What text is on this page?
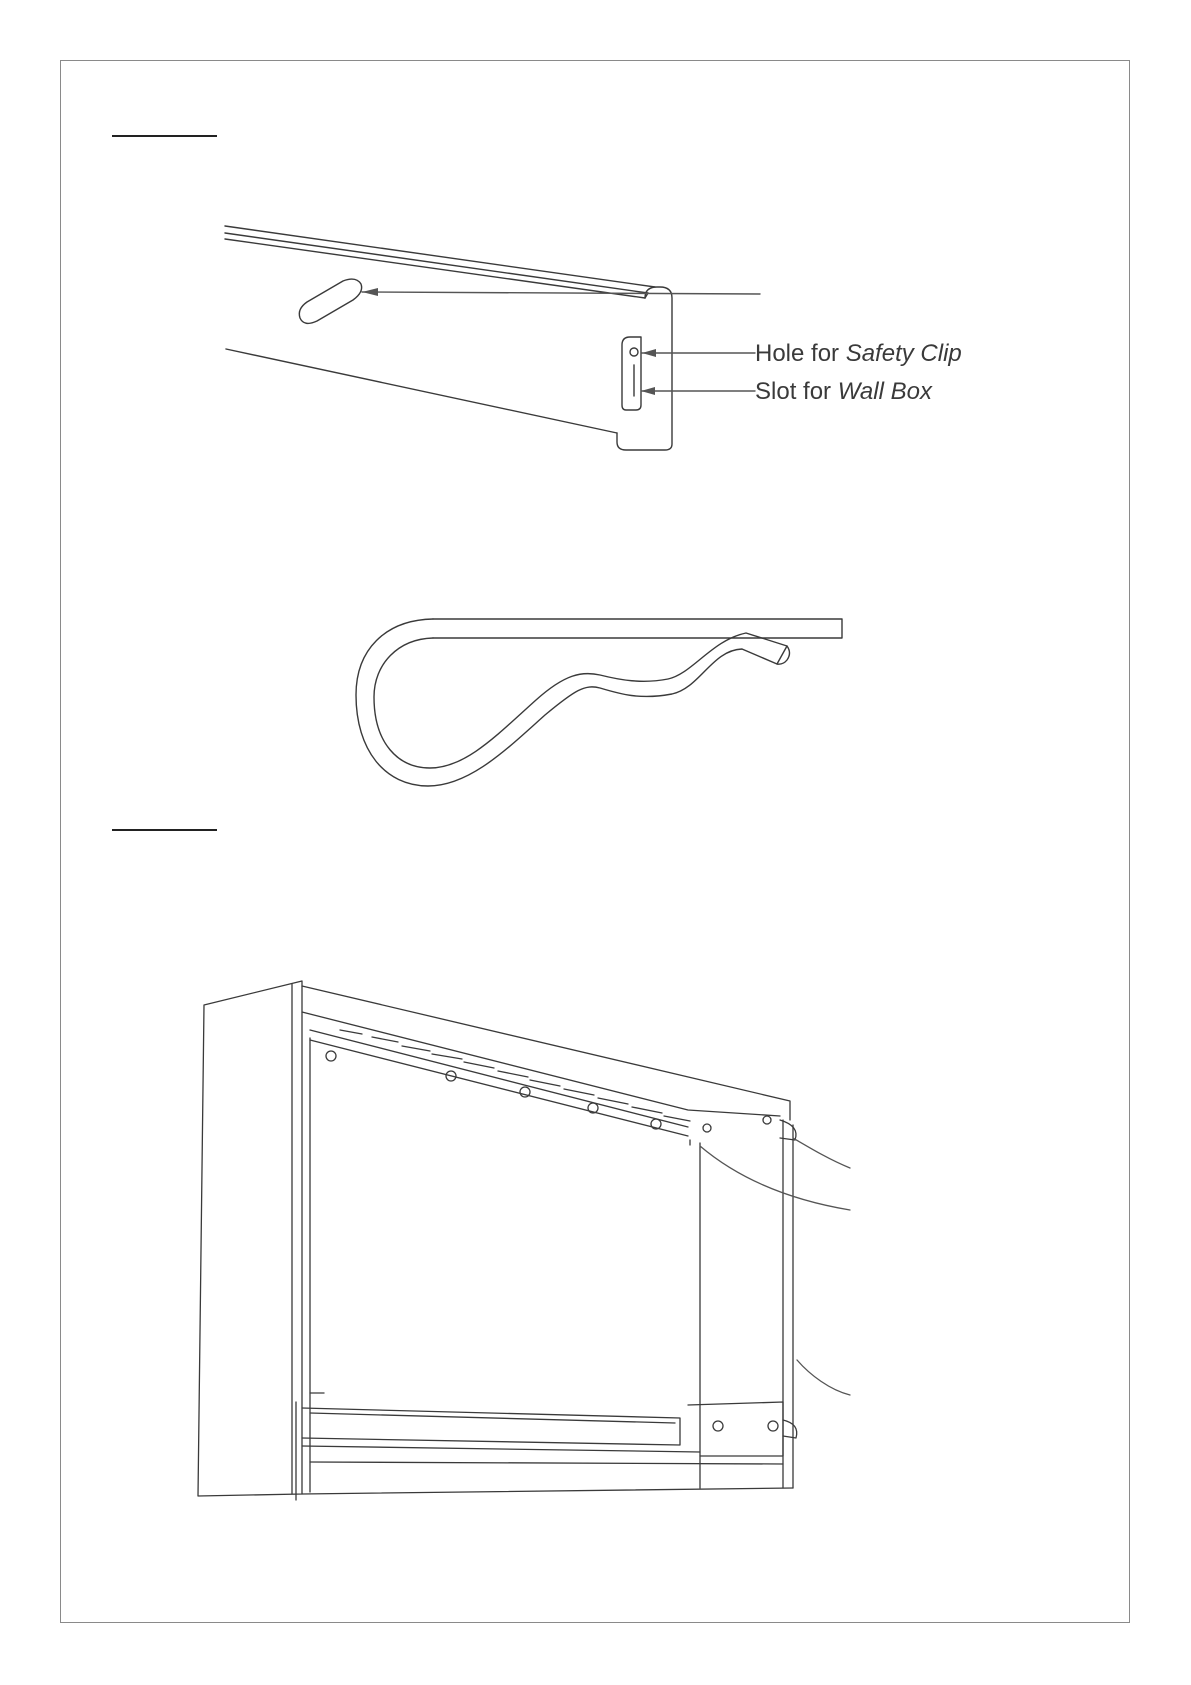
Hole for Safety Clip
Slot for Wall Box
